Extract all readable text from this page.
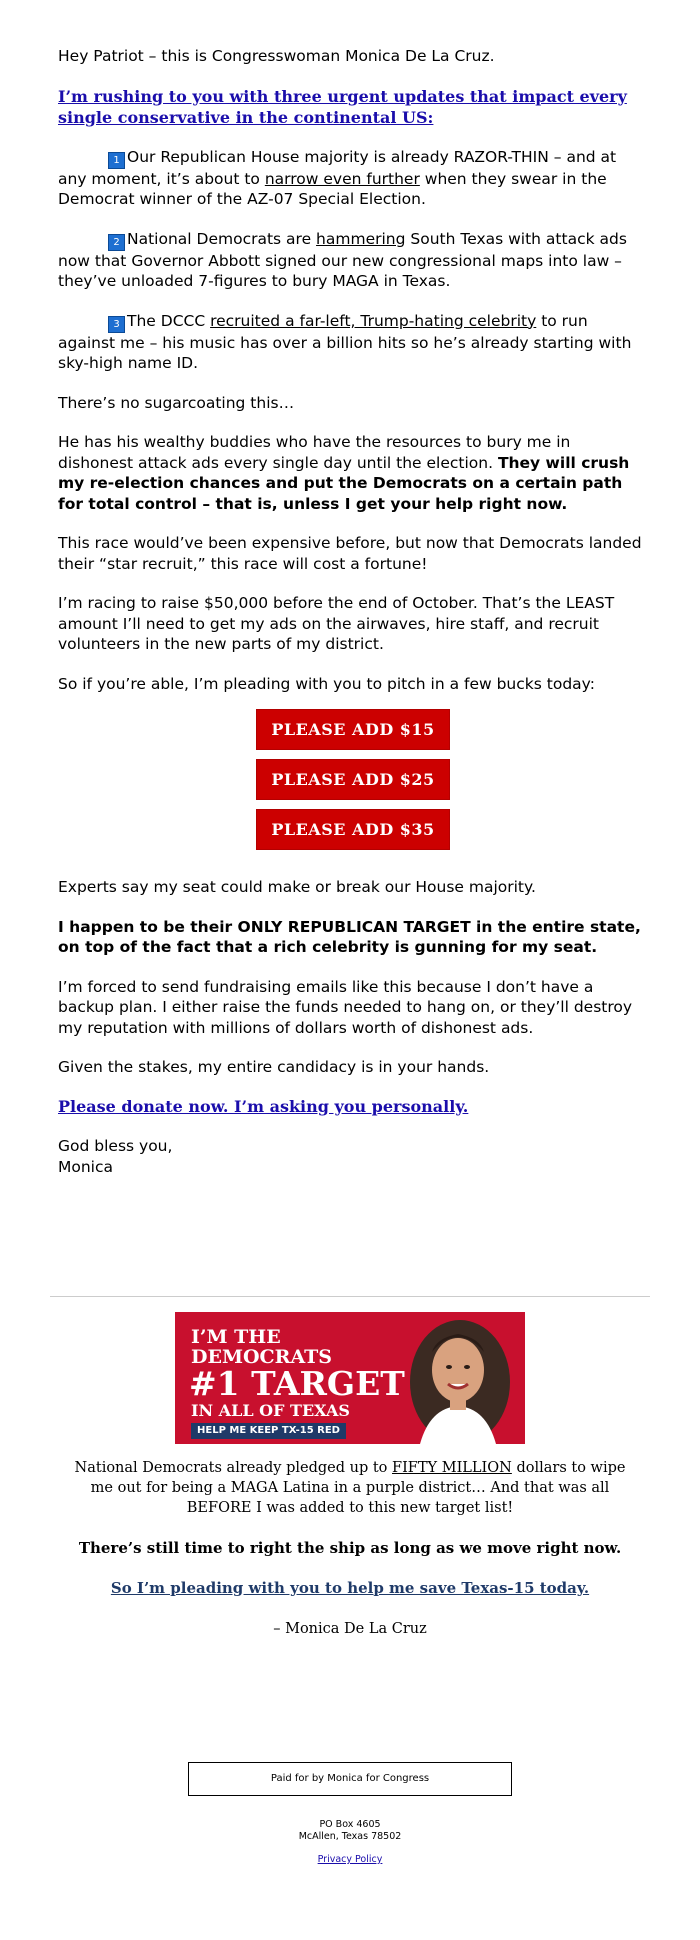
Hey Patriot – this is Congresswoman Monica De La Cruz.

I’m rushing to you with three urgent updates that impact every single conservative in the continental US:

1 Our Republican House majority is already RAZOR-THIN – and at any moment, it’s about to narrow even further when they swear in the Democrat winner of the AZ-07 Special Election.

2 National Democrats are hammering South Texas with attack ads now that Governor Abbott signed our new congressional maps into law – they’ve unloaded 7-figures to bury MAGA in Texas.

3 The DCCC recruited a far-left, Trump-hating celebrity to run against me – his music has over a billion hits so he’s already starting with sky-high name ID.

There’s no sugarcoating this…

He has his wealthy buddies who have the resources to bury me in dishonest attack ads every single day until the election. They will crush my re-election chances and put the Democrats on a certain path for total control – that is, unless I get your help right now.

This race would’ve been expensive before, but now that Democrats landed their “star recruit,” this race will cost a fortune!

I’m racing to raise $50,000 before the end of October. That’s the LEAST amount I’ll need to get my ads on the airwaves, hire staff, and recruit volunteers in the new parts of my district.

So if you’re able, I’m pleading with you to pitch in a few bucks today:

PLEASE ADD $15
PLEASE ADD $25
PLEASE ADD $35

Experts say my seat could make or break our House majority.

I happen to be their ONLY REPUBLICAN TARGET in the entire state, on top of the fact that a rich celebrity is gunning for my seat.

I’m forced to send fundraising emails like this because I don’t have a backup plan. I either raise the funds needed to hang on, or they’ll destroy my reputation with millions of dollars worth of dishonest ads.

Given the stakes, my entire candidacy is in your hands.

Please donate now. I’m asking you personally.

God bless you,
Monica

I’M THE
DEMOCRATS
#1 TARGET
IN ALL OF TEXAS
HELP ME KEEP TX-15 RED

National Democrats already pledged up to FIFTY MILLION dollars to wipe me out for being a MAGA Latina in a purple district… And that was all BEFORE I was added to this new target list!

There’s still time to right the ship as long as we move right now.

So I’m pleading with you to help me save Texas-15 today.

– Monica De La Cruz

Paid for by Monica for Congress
PO Box 4605
McAllen, Texas 78502
Privacy Policy
